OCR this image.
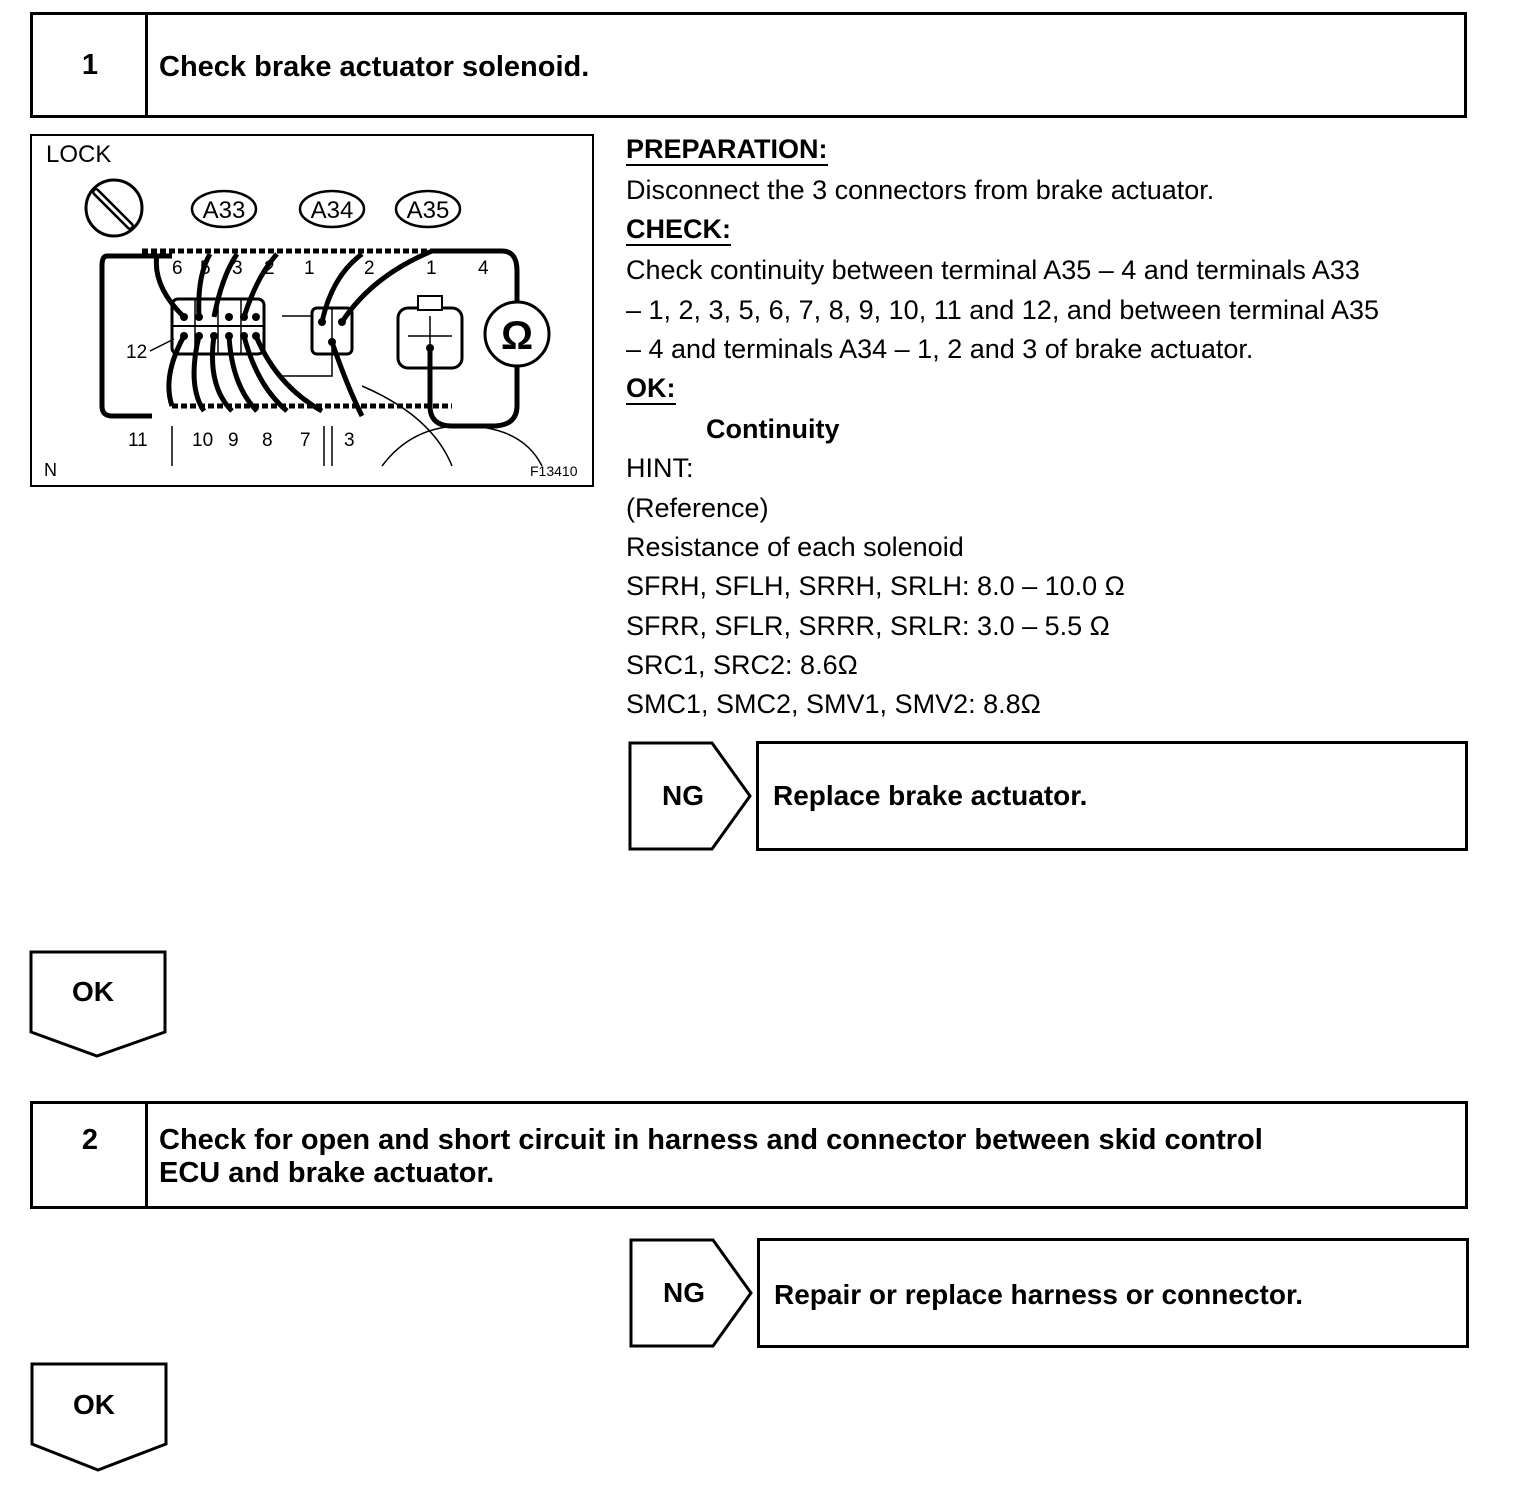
1	Check brake actuator solenoid.
A33	A34 A35
Ω
6 5 3 2 1	2	1 4
12
11 10 9 8 7 3
LOCK
N	F13410
PREPARATION:
Disconnect the 3 connectors from brake actuator.
CHECK:
Check continuity between terminal A35 – 4 and terminals A33
– 1, 2, 3, 5, 6, 7, 8, 9, 10, 11 and 12, and between terminal A35
– 4 and terminals A34 – 1, 2 and 3 of brake actuator.
OK:
Continuity
HINT:
(Reference)
Resistance of each solenoid
SFRH, SFLH, SRRH, SRLH: 8.0 – 10.0 Ω
SFRR, SFLR, SRRR, SRLR: 3.0 – 5.5 Ω
SRC1, SRC2: 8.6Ω
SMC1, SMC2, SMV1, SMV2: 8.8Ω
NG Replace brake actuator.
OK
2	Check for open and short circuit in harness and connector between skid control
ECU and brake actuator.
NG Repair or replace harness or connector.
OK
